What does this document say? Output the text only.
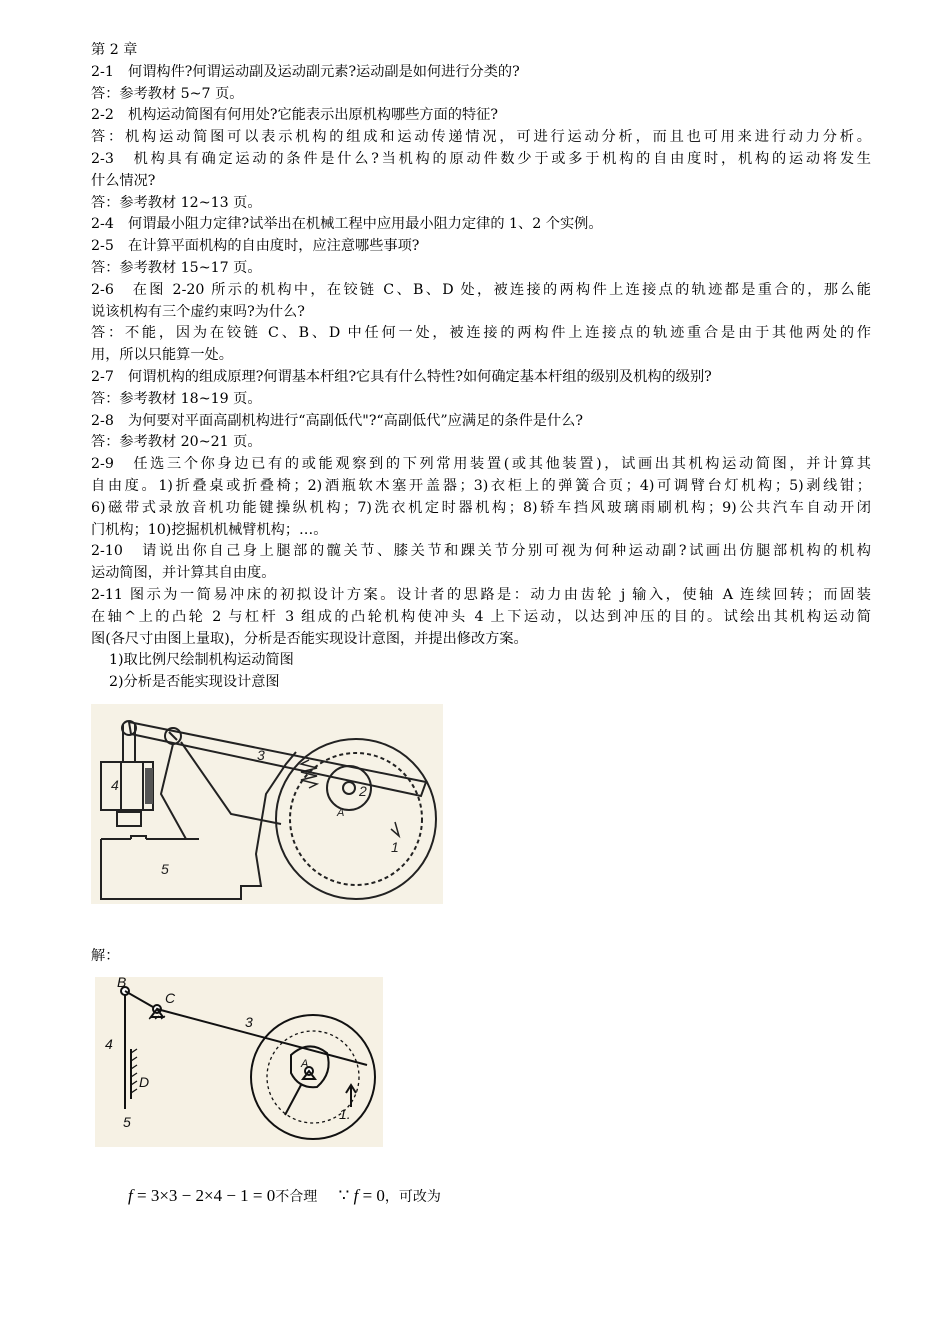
第 2 章
2-1　何谓构件?何谓运动副及运动副元素?运动副是如何进行分类的?
答：参考教材 5~7 页。
2-2　机构运动简图有何用处?它能表示出原机构哪些方面的特征?
答：机构运动简图可以表示机构的组成和运动传递情况，可进行运动分析，而且也可用来进行动力分析。
2-3　机构具有确定运动的条件是什么?当机构的原动件数少于或多于机构的自由度时，机构的运动将发生
什么情况?
答：参考教材 12~13 页。
2-4　何谓最小阻力定律?试举出在机械工程中应用最小阻力定律的 1、2 个实例。
2-5　在计算平面机构的自由度时，应注意哪些事项?
答：参考教材 15~17 页。
2-6　在图 2-20 所示的机构中，在铰链 C、B、D 处，被连接的两构件上连接点的轨迹都是重合的，那么能
说该机构有三个虚约束吗?为什么?
答：不能，因为在铰链 C、B、D 中任何一处，被连接的两构件上连接点的轨迹重合是由于其他两处的作
用，所以只能算一处。
2-7　何谓机构的组成原理?何谓基本杆组?它具有什么特性?如何确定基本杆组的级别及机构的级别?
答：参考教材 18~19 页。
2-8　为何要对平面高副机构进行“高副低代"?“高副低代”应满足的条件是什么?
答：参考教材 20~21 页。
2-9　任选三个你身边已有的或能观察到的下列常用装置(或其他装置)，试画出其机构运动简图，并计算其
自由度。1)折叠桌或折叠椅；2)酒瓶软木塞开盖器；3)衣柜上的弹簧合页；4)可调臂台灯机构；5)剥线钳；
6)磁带式录放音机功能键操纵机构；7)洗衣机定时器机构；8)轿车挡风玻璃雨刷机构；9)公共汽车自动开闭
门机构；10)挖掘机机械臂机构；…。
2-10　请说出你自己身上腿部的髋关节、膝关节和踝关节分别可视为何种运动副?试画出仿腿部机构的机构
运动简图，并计算其自由度。
2-11 图示为一简易冲床的初拟设计方案。设计者的思路是：动力由齿轮 j 输入，使轴 A 连续回转；而固装
在轴^上的凸轮 2 与杠杆 3 组成的凸轮机构使冲头 4 上下运动，以达到冲压的目的。试绘出其机构运动简
图(各尺寸由图上量取)，分析是否能实现设计意图，并提出修改方案。
1)取比例尺绘制机构运动简图
2)分析是否能实现设计意图
1
2
3
4
5
A
解：
B
C
3
4
D
5
A
1.
f = 3×3 − 2×4 − 1 = 0不合理 ∵ f = 0，可改为
